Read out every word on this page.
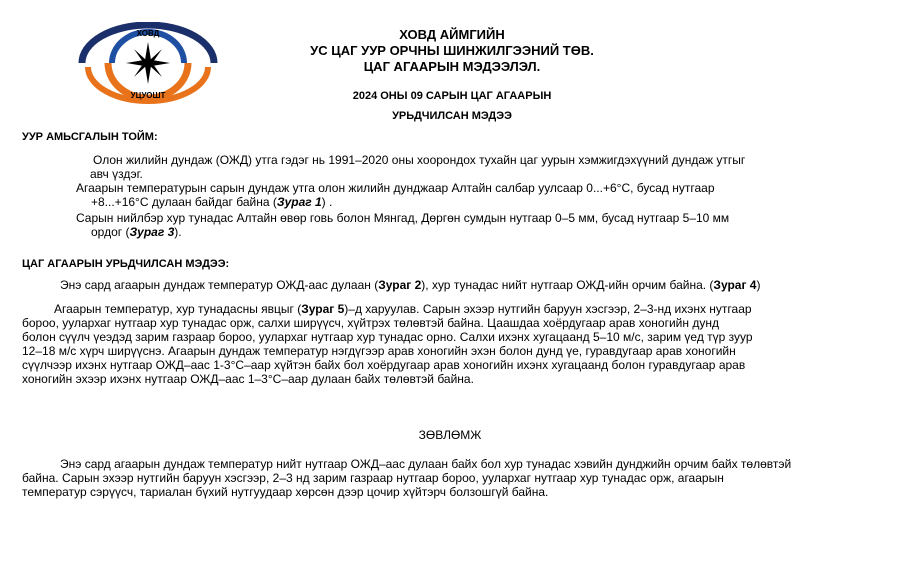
ХОВД
УЦУОШТ
ХОВД АЙМГИЙН
УС ЦАГ УУР ОРЧНЫ ШИНЖИЛГЭЭНИЙ ТӨВ.
ЦАГ АГААРЫН МЭДЭЭЛЭЛ.
2024 ОНЫ 09 САРЫН ЦАГ АГААРЫН
УРЬДЧИЛСАН МЭДЭЭ
УУР АМЬСГАЛЫН ТОЙМ:
Олон жилийн дундаж (ОЖД) утга гэдэг нь 1991–2020 оны хоорондох тухайн цаг уурын хэмжигдэхүүний дундаж утгыг
авч үздэг.
Агаарын температурын сарын дундаж утга олон жилийн дунджаар Алтайн салбар уулсаар 0...+6°C, бусад нутгаар
+8...+16°C дулаан байдаг байна (Зураг 1) .
Сарын нийлбэр хур тунадас Алтайн өвөр говь болон Мянгад, Дөргөн сумдын нутгаар 0–5 мм, бусад нутгаар 5–10 мм
ордог (Зураг 3).
ЦАГ АГААРЫН УРЬДЧИЛСАН МЭДЭЭ:
Энэ сард агаарын дундаж температур ОЖД-аас дулаан (Зураг 2), хур тунадас нийт нутгаар ОЖД-ийн орчим байна. (Зураг 4)
Агаарын температур, хур тунадасны явцыг (Зураг 5)–д харуулав. Сарын эхээр нутгийн баруун хэсгээр, 2–3-нд ихэнх нутгаар
бороо, уулархаг нутгаар хур тунадас орж, салхи ширүүсч, хүйтрэх төлөвтэй байна. Цаашдаа хоёрдугаар арав хоногийн дунд
болон сүүлч үеэдэд зарим газраар бороо, уулархаг нутгаар хур тунадас орно. Салхи ихэнх хугацаанд 5–10 м/с, зарим үед түр зуур
12–18 м/с хүрч ширүүснэ. Агаарын дундаж температур нэгдүгээр арав хоногийн эхэн болон дунд үе, гуравдугаар арав хоногийн
сүүлчээр ихэнх нутгаар ОЖД–аас 1-3°C–аар хүйтэн байх бол хоёрдугаар арав хоногийн ихэнх хугацаанд болон гуравдугаар арав
хоногийн эхээр ихэнх нутгаар ОЖД–аас 1–3°C–аар дулаан байх төлөвтэй байна.
ЗӨВЛӨМЖ
Энэ сард агаарын дундаж температур нийт нутгаар ОЖД–аас дулаан байх бол хур тунадас хэвийн дунджийн орчим байх төлөвтэй
байна. Сарын эхээр нутгийн баруун хэсгээр, 2–3 нд зарим газраар нутгаар бороо, уулархаг нутгаар хур тунадас орж, агаарын
температур сэрүүсч, тариалан бүхий нутгуудаар хөрсөн дээр цочир хүйтэрч болзошгүй байна.
